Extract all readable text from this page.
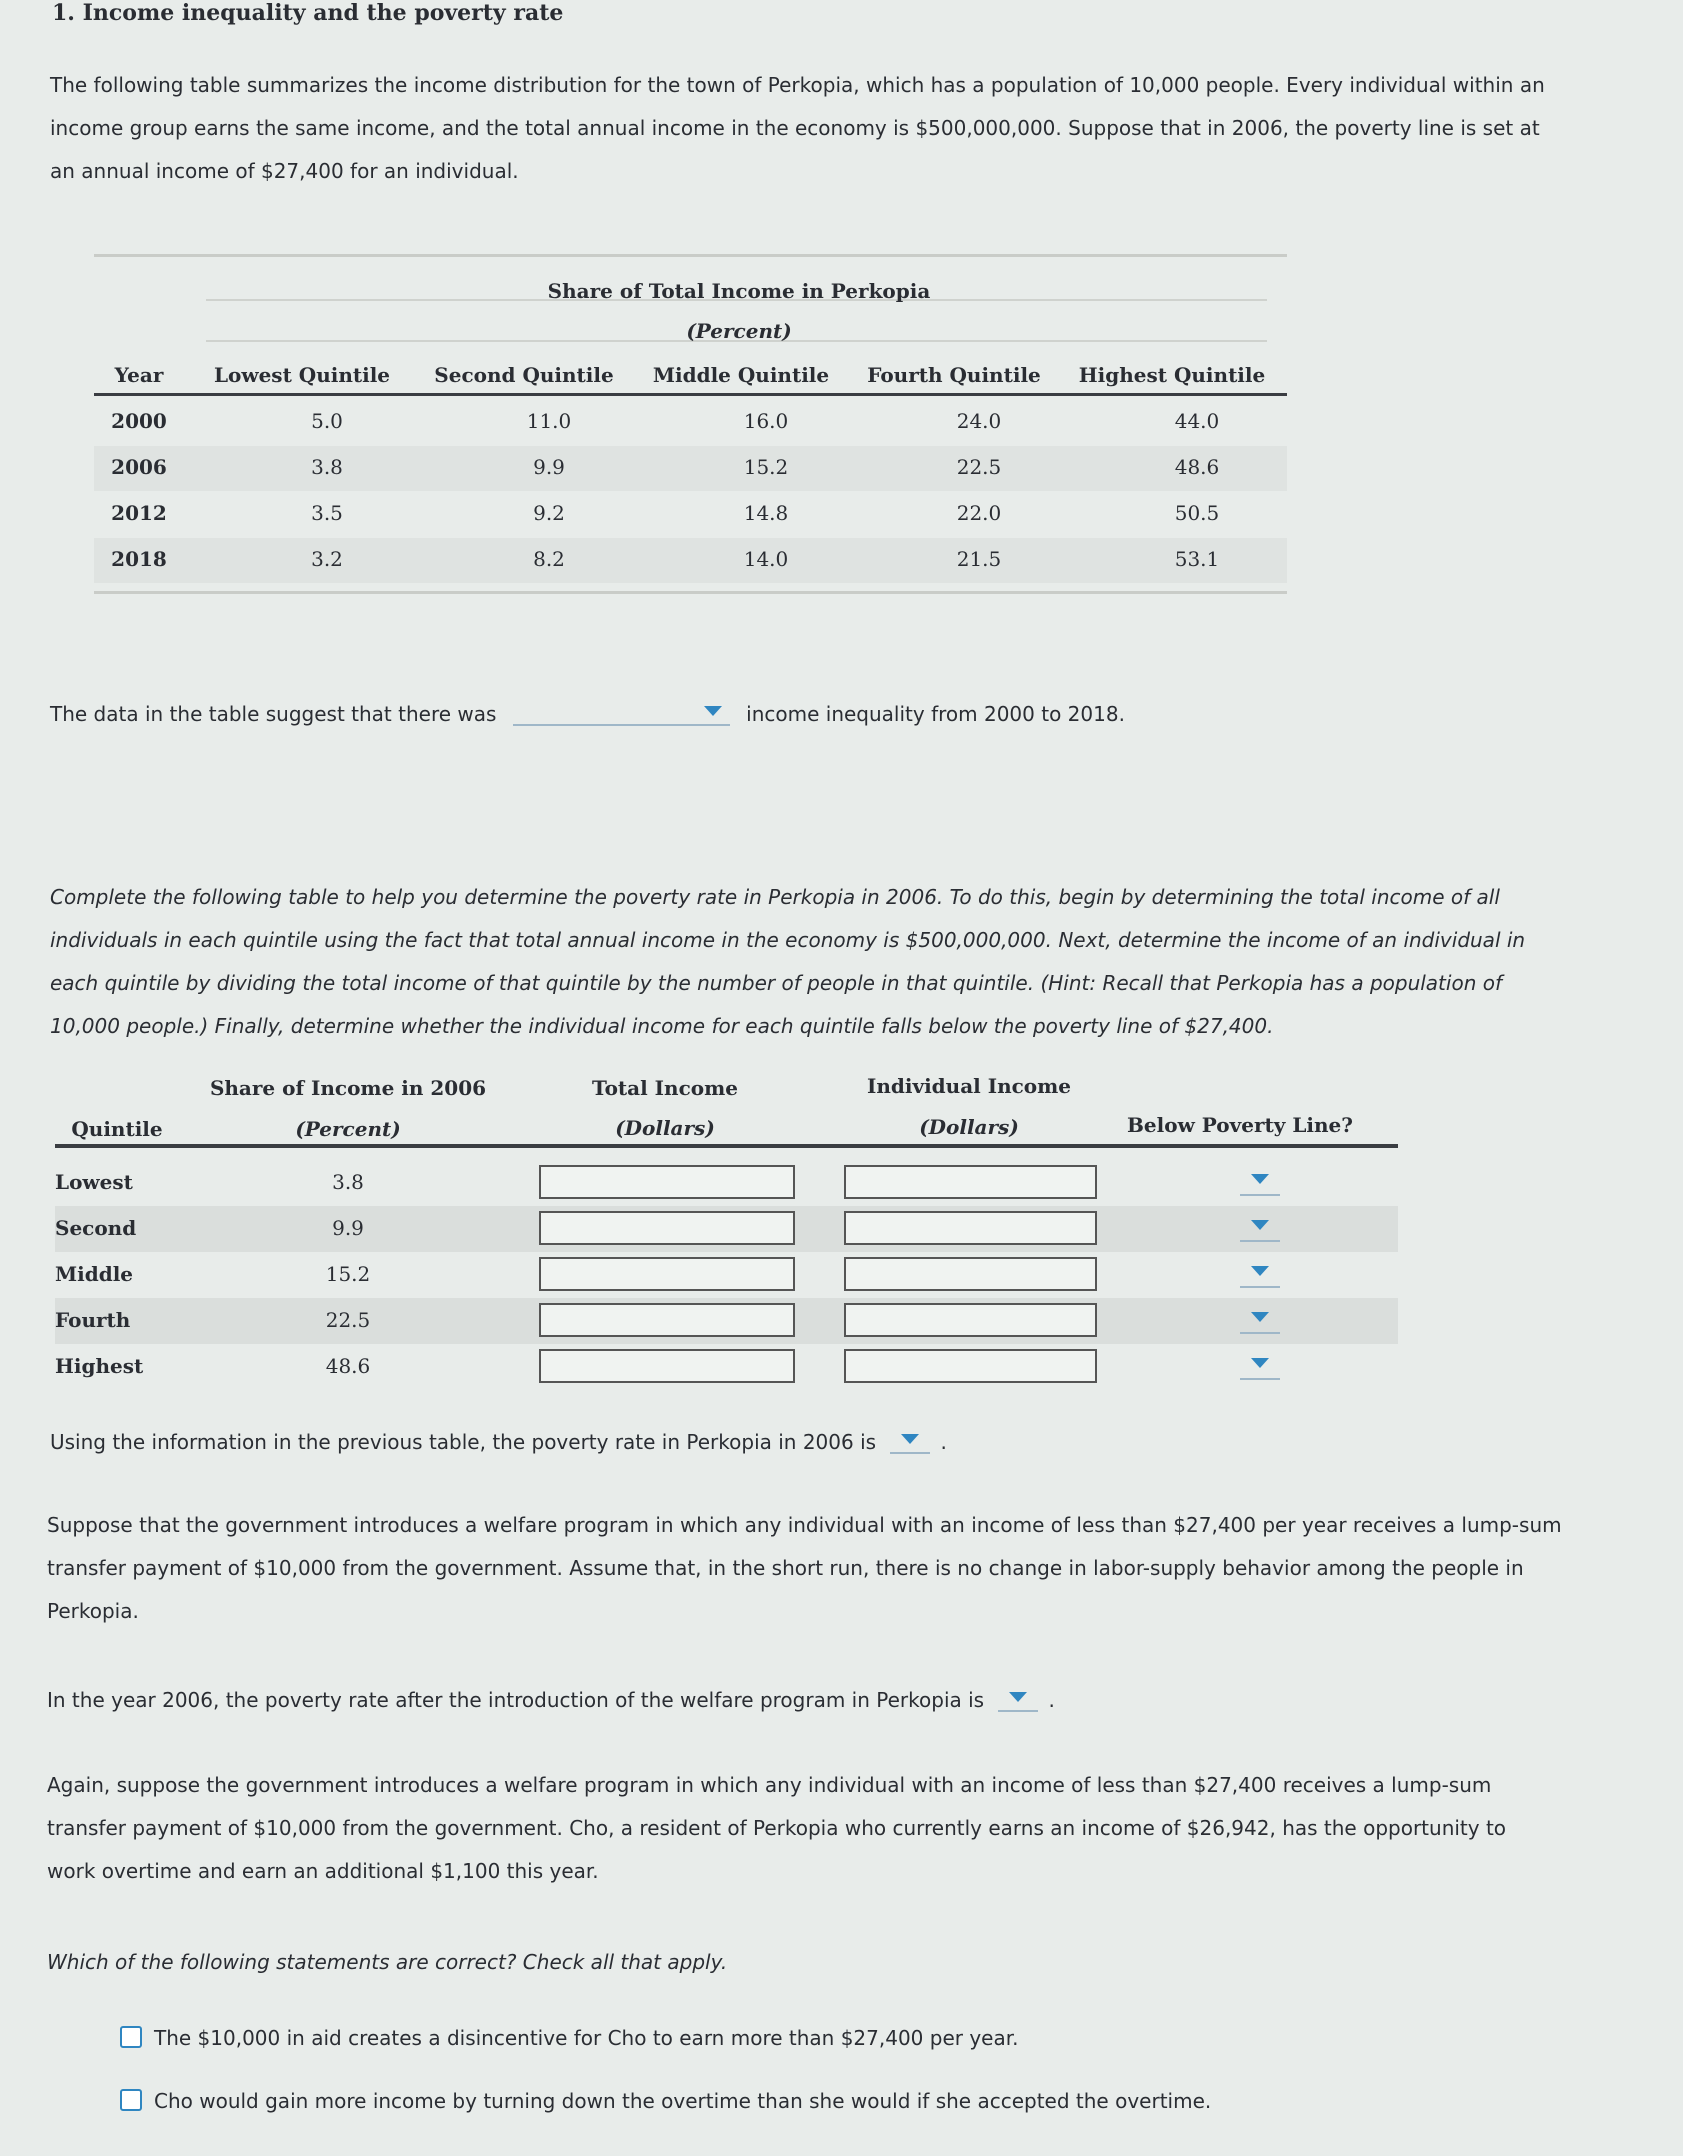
1. Income inequality and the poverty rate
The following table summarizes the income distribution for the town of Perkopia, which has a population of 10,000 people. Every individual within an
income group earns the same income, and the total annual income in the economy is $500,000,000. Suppose that in 2006, the poverty line is set at
an annual income of $27,400 for an individual.
Share of Total Income in Perkopia
(Percent)
Year	Lowest Quintile Second Quintile Middle Quintile Fourth Quintile Highest Quintile
2000	5.0	11.0	16.0	24.0	44.0
2006	3.8	9.9	15.2	22.5	48.6
2012	3.5	9.2	14.8	22.0	50.5
2018	3.2	8.2	14.0	21.5	53.1
The data in the table suggest that there was	income inequality from 2000 to 2018.
Complete the following table to help you determine the poverty rate in Perkopia in 2006. To do this, begin by determining the total income of all
individuals in each quintile using the fact that total annual income in the economy is $500,000,000. Next, determine the income of an individual in
each quintile by dividing the total income of that quintile by the number of people in that quintile. (Hint: Recall that Perkopia has a population of
10,000 people.) Finally, determine whether the individual income for each quintile falls below the poverty line of $27,400.
Share of Income in 2006	Total Income	Individual Income
Quintile	(Percent)	(Dollars)	(Dollars)	Below Poverty Line?
Lowest	3.8
Second	9.9
Middle	15.2
Fourth	22.5
Highest	48.6
Using the information in the previous table, the poverty rate in Perkopia in 2006 is	.
Suppose that the government introduces a welfare program in which any individual with an income of less than $27,400 per year receives a lump-sum
transfer payment of $10,000 from the government. Assume that, in the short run, there is no change in labor-supply behavior among the people in
Perkopia.
In the year 2006, the poverty rate after the introduction of the welfare program in Perkopia is	.
Again, suppose the government introduces a welfare program in which any individual with an income of less than $27,400 receives a lump-sum
transfer payment of $10,000 from the government. Cho, a resident of Perkopia who currently earns an income of $26,942, has the opportunity to
work overtime and earn an additional $1,100 this year.
Which of the following statements are correct? Check all that apply.
The $10,000 in aid creates a disincentive for Cho to earn more than $27,400 per year.
Cho would gain more income by turning down the overtime than she would if she accepted the overtime.
